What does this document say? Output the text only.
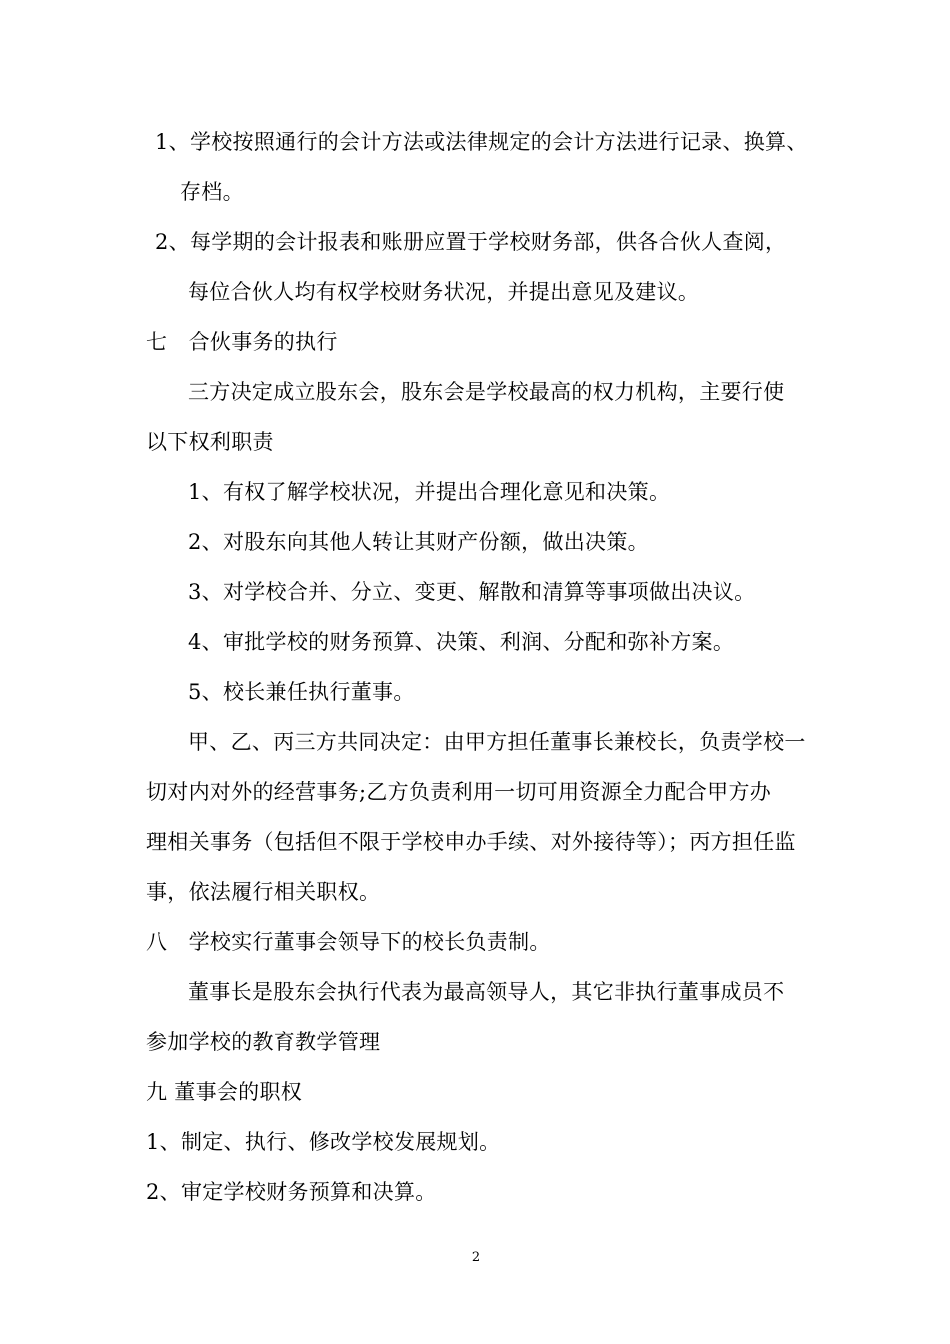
1、学校按照通行的会计方法或法律规定的会计方法进行记录、换算、
存档。
2、每学期的会计报表和账册应置于学校财务部，供各合伙人查阅，
每位合伙人均有权学校财务状况，并提出意见及建议。
七　合伙事务的执行
三方决定成立股东会，股东会是学校最高的权力机构，主要行使
以下权利职责
1、有权了解学校状况，并提出合理化意见和决策。
2、对股东向其他人转让其财产份额，做出决策。
3、对学校合并、分立、变更、解散和清算等事项做出决议。
4、审批学校的财务预算、决策、利润、分配和弥补方案。
5、校长兼任执行董事。
甲、乙、丙三方共同决定：由甲方担任董事长兼校长，负责学校一
切对内对外的经营事务;乙方负责利用一切可用资源全力配合甲方办
理相关事务（包括但不限于学校申办手续、对外接待等）；丙方担任监
事，依法履行相关职权。
八　学校实行董事会领导下的校长负责制。
董事长是股东会执行代表为最高领导人，其它非执行董事成员不
参加学校的教育教学管理
九 董事会的职权
1、制定、执行、修改学校发展规划。
2、审定学校财务预算和决算。
2
